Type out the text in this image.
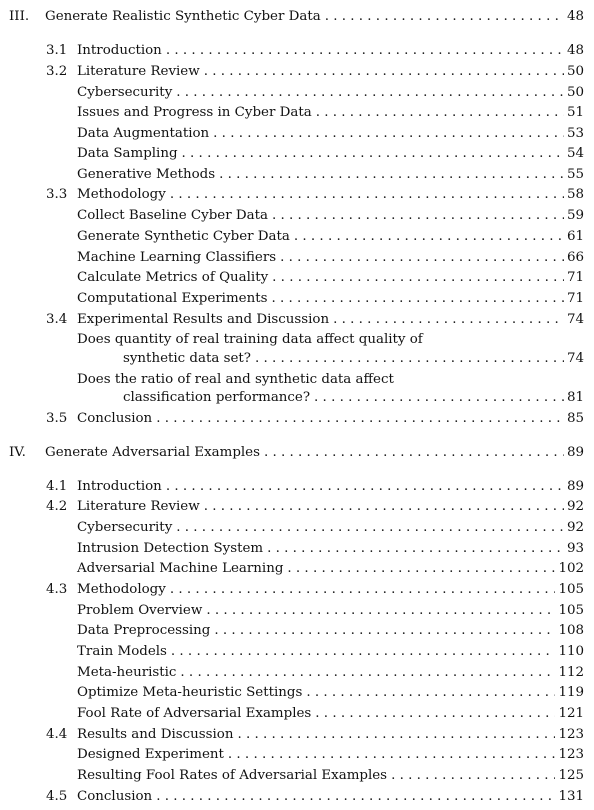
III. Generate Realistic Synthetic Cyber Data . . .	48
3.1 Introduction . . .	48
3.2 Literature Review . . .	50
Cybersecurity . . .	50
Issues and Progress in Cyber Data . . .	51
Data Augmentation . . .	53
Data Sampling . . .	54
Generative Methods . . .	55
3.3 Methodology . . .	58
Collect Baseline Cyber Data . . .	59
Generate Synthetic Cyber Data . . .	61
Machine Learning Classifiers . . .	66
Calculate Metrics of Quality . . .	71
Computational Experiments . . .	71
3.4 Experimental Results and Discussion . . .	74
Does quantity of real training data affect quality of
synthetic data set? . . .	74
Does the ratio of real and synthetic data affect
classification performance? . . .	81
3.5 Conclusion . . .	85
IV. Generate Adversarial Examples . . .	89
4.1 Introduction . . .	89
4.2 Literature Review . . .	92
Cybersecurity . . .	92
Intrusion Detection System . . .	93
Adversarial Machine Learning . . .	102
4.3 Methodology . . .	105
Problem Overview . . .	105
Data Preprocessing . . .	108
Train Models . . .	110
Meta-heuristic . . .	112
Optimize Meta-heuristic Settings . . .	119
Fool Rate of Adversarial Examples . . .	121
4.4 Results and Discussion . . .	123
Designed Experiment . . .	123
Resulting Fool Rates of Adversarial Examples . . .	125
4.5 Conclusion . . .	131
